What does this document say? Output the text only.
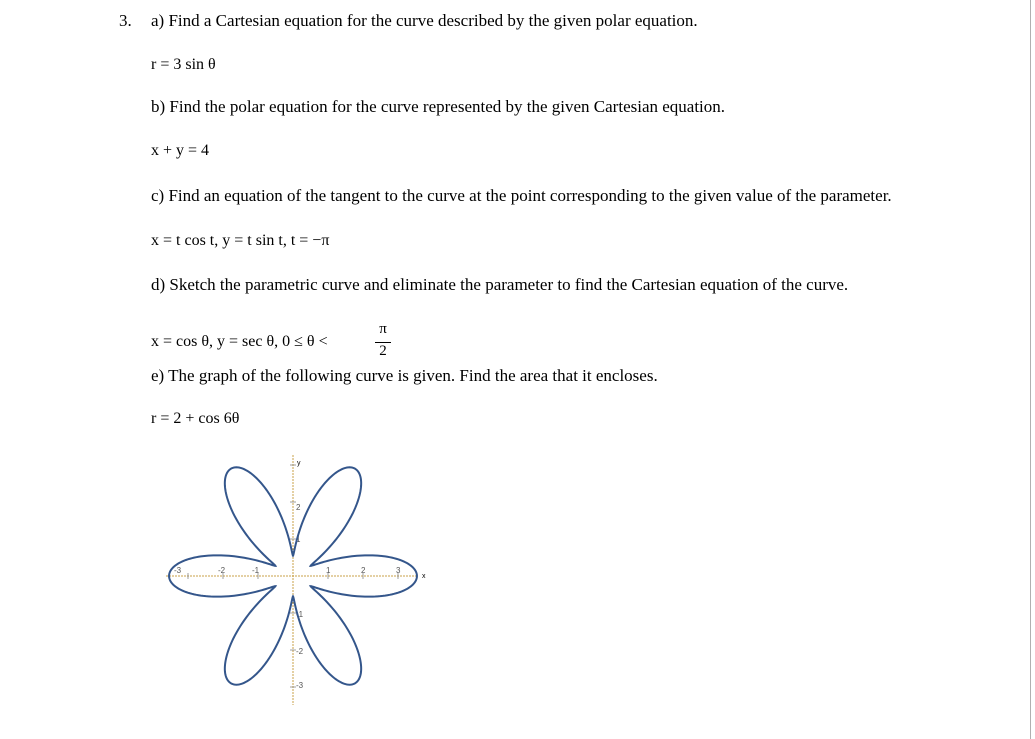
3. a) Find a Cartesian equation for the curve described by the given polar equation.
r = 3 sin θ
b) Find the polar equation for the curve represented by the given Cartesian equation.
x + y = 4
c) Find an equation of the tangent to the curve at the point corresponding to the given value of the parameter.
x = t cos t, y = t sin t, t = −π
d) Sketch the parametric curve and eliminate the parameter to find the Cartesian equation of the curve.
x = cos θ, y = sec θ, 0 ≤ θ <
π
2
e) The graph of the following curve is given. Find the area that it encloses.
r = 2 + cos 6θ
x
y
-3	-2	-1	1	2	3
2
1
-1
-2
-3
